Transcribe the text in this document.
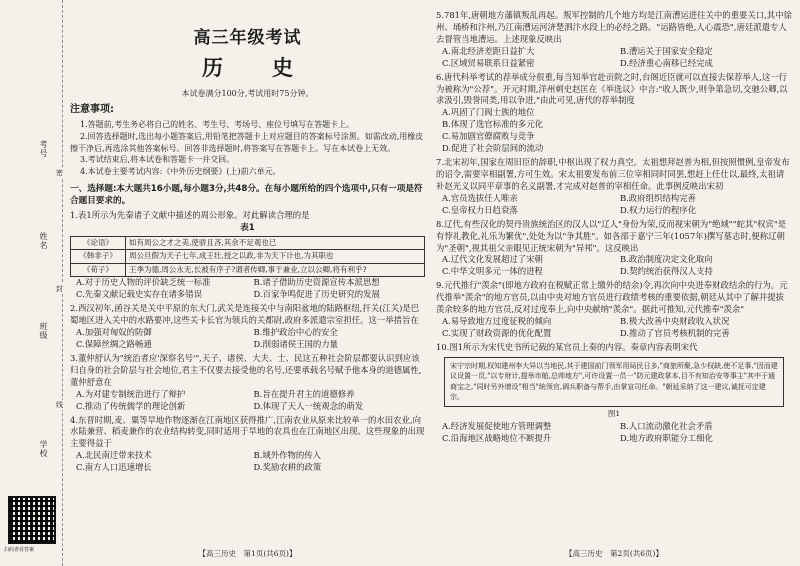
考号
姓名
班级
学校
密
封
线
扫码查看答案
高三年级考试
历　史
本试卷满分100分,考试用时75分钟。
注意事项:

1.答题前,考生务必将自己的姓名、考生号、考场号、座位号填写在答题卡上。

2.回答选择题时,选出每小题答案后,用铅笔把答题卡上对应题目的答案标号涂黑。如需改动,用橡皮擦干净后,再选涂其他答案标号。回答非选择题时,将答案写在答题卡上。写在本试卷上无效。

3.考试结束后,将本试卷和答题卡一并交回。

4.本试卷主要考试内容:《中外历史纲要》(上)前六单元。

一、选择题:本大题共16小题,每小题3分,共48分。在每小题所给的四个选项中,只有一项是符合题目要求的。

1.表1所示为先秦诸子文献中描述的周公形象。对此解读合理的是

表1
《论语》	如有周公之才之美,使骄且吝,其余不足观也已
《韩非子》	周公旦假为天子七年,成王壮,授之以政,非为天下计也,为其职也
《荀子》	王季为德,周公永无,长被有序子?谓者传卿,事于兼业,立以公卿,将有利乎?
A.对于历史人物的评价缺乏统一标准	B.诸子借助历史资源宣传本派思想
C.先秦文献记载史实存在诸多错误	D.百家争鸣促进了历史研究的发展

2.西汉初年,函谷关是关中平原的东大门,武关是连接关中与南阳盆地的陆路枢纽,扞关(江关)是巴蜀地区进入关中的水路要冲,这些关卡长官为领兵的关都尉,政府多派遣宗室担任。这一举措旨在

A.加强对匈奴的防御	B.维护政治中心的安全
C.保障丝绸之路畅通	D.削弱诸侯王国的力量

3.董仲舒认为"统治者应'深察名号'",天子、诸侯、大夫、士、民这五种社会阶层都要认识到应该归自身的社会阶层与社会地位,君主不仅要去接受他的名号,还要承载名号赋予他本身的道德属性,董仲舒意在

A.为对建专制统治进行了辩护	B.旨在提升君主的道德修养
C.推动了传统儒学的理论创新	D.体现了天人一统观念的萌发

4.东晋时期,麦、粟等旱地作物逐渐在江南地区获得推广,江南农业从原来比较单一的水田农业,向水陆兼营、稻麦兼作的农业结构转变,同时适用于旱地的农具也在江南地区出现。这些现象的出现主要得益于

A.北民南迁带来技术	B.域外作物的传入
C.南方人口迅速增长	D.奖励农耕的政策
【高三历史　第1页(共6页)】

5.781年,唐朝地方藩镇叛乱再起。叛军控制的几个地方均是江南漕运进往关中的重要关口,其中徐州、埇桥和汴州,乃江南漕运河济楚泗汴水段上的必经之路。"运路皆绝,人心震恐",唐廷派遣专人去督管当地漕运。上述现象反映出

A.南北经济差距日益扩大	B.漕运关于国家安全稳定
C.区域贸易联系日益紧密	D.经济重心南移已经完成

6.唐代科举考试的荐举成分很重,每当知举官赴贡院之时,台阁近臣就可以直接去保荐举人,这一行为被称为"公荐"。开元时期,洋州刺史赵匡在《举选议》中言:"收人既少,则争第急切,交驰公卿,以求汲引,毁誉同类,用以争进,"由此可见,唐代的荐举制度

A.巩固了门阀士族的地位
B.体现了选官标准的多元化
C.易加剧官僚腐败与竞争
D.促进了社会阶层间的流动

7.北宋初年,国家在周旧臣的辞职,中枢出现了权力真空。太祖想拜赵普为相,但按照惯例,皇帝发布的诏令,需要宰相副署,方可生效。宋太祖要发布前三位宰相同时同罢,想赶上任仕以,最终,太祖请补赵光义以同平章事的名义副署,才完成对赵普的宰相任命。此事例反映出宋初

A.官员选拔任人唯亲	B.政府组织结构完善
C.皇帝权力日趋衰落	D.权力运行的程序化

8.辽代,有些汉化的契丹贵族统治区的汉人以"辽人"身份为荣,反而视宋朝为"绝域""蛇其"权宾"是有悖礼教化,礼乐为繁优",处处为以"争其胜"。如各部于嘉宁三年(1057年)撰写墓志时,便称辽朝为"圣朝",视其祖父亲眼见正统宋朝为"异邦"。这反映出

A.辽代文化发展超过了宋朝	B.政治制度决定文化取向
C.中华文明多元一体的进程	D.契约统治获得汉人支持

9.元代推行"羡余"(即地方政府在税赋正常上缴外的结余)令,再次向中央进奉财政结余的行为。元代推举"羡余"的地方官员,以由中央对地方官员进行政绩考核的重要依据,朝廷从其中了解并提拔羡余较多的地方官员,反对过度奉上,向中央献纳"羡余"。据此可推知,元代推奉"羡余"

A.易导致地方过度征税的倾向	B.极大改善中央财政收入状况
C.实现了财政资源的优化配置	D.推动了官员考核机制的完善

10.图1所示为宋代史书所记载的某官员上奏的内容。奏章内容表明宋代

宋宁宗时期,权知建州李大异以当地民,其于建国前门领军用局民日多,"商旅所聚,急少权缺,使不足事,"因而建议设置一员,"以专财计,提举市舶,总帅地方",可许设置一员一"防元建政掌本,目不有知治安等事主"其中于通商宝之,"同时另外增设"相当"统领官,调兵职备与帮手,由掌宣司任命。"朝延采纳了这一建议,诚抚可定建宗。
图1
A.经济发展促使地方管理调整	B.人口流动激化社会矛盾
C.沿海地区战略地位不断提升	D.地方政府职能分工细化
【高三历史　第2页(共6页)】
